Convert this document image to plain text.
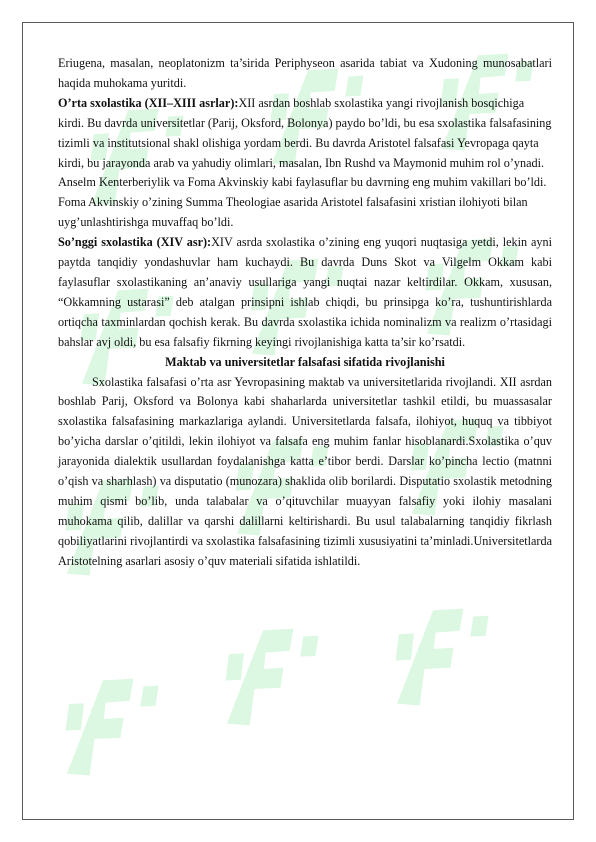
Eriugena, masalan, neoplatonizm ta’sirida Periphyseon asarida tabiat va Xudoning munosabatlari haqida muhokama yuritdi.

O’rta sxolastika (XII–XIII asrlar):XII asrdan boshlab sxolastika yangi rivojlanish bosqichiga kirdi. Bu davrda universitetlar (Parij, Oksford, Bolonya) paydo bo’ldi, bu esa sxolastika falsafasining tizimli va institutsional shakl olishiga yordam berdi. Bu davrda Aristotel falsafasi Yevropaga qayta kirdi, bu jarayonda arab va yahudiy olimlari, masalan, Ibn Rushd va Maymonid muhim rol o’ynadi. Anselm Kenterberiylik va Foma Akvinskiy kabi faylasuflar bu davrning eng muhim vakillari bo’ldi. Foma Akvinskiy o’zining Summa Theologiae asarida Aristotel falsafasini xristian ilohiyoti bilan uyg’unlashtirishga muvaffaq bo’ldi.

So’nggi sxolastika (XIV asr):XIV asrda sxolastika o’zining eng yuqori nuqtasiga yetdi, lekin ayni paytda tanqidiy yondashuvlar ham kuchaydi. Bu davrda Duns Skot va Vilgelm Okkam kabi faylasuflar sxolastikaning an’anaviy usullariga yangi nuqtai nazar keltirdilar. Okkam, xususan, “Okkamning ustarasi” deb atalgan prinsipni ishlab chiqdi, bu prinsipga ko’ra, tushuntirishlarda ortiqcha taxminlardan qochish kerak. Bu davrda sxolastika ichida nominalizm va realizm o’rtasidagi bahslar avj oldi, bu esa falsafiy fikrning keyingi rivojlanishiga katta ta’sir ko’rsatdi.

Maktab va universitetlar falsafasi sifatida rivojlanishi

Sxolastika falsafasi o’rta asr Yevropasining maktab va universitetlarida rivojlandi. XII asrdan boshlab Parij, Oksford va Bolonya kabi shaharlarda universitetlar tashkil etildi, bu muassasalar sxolastika falsafasining markazlariga aylandi. Universitetlarda falsafa, ilohiyot, huquq va tibbiyot bo’yicha darslar o’qitildi, lekin ilohiyot va falsafa eng muhim fanlar hisoblanardi.Sxolastika o’quv jarayonida dialektik usullardan foydalanishga katta e’tibor berdi. Darslar ko’pincha lectio (matnni o’qish va sharhlash) va disputatio (munozara) shaklida olib borilardi. Disputatio sxolastik metodning muhim qismi bo’lib, unda talabalar va o’qituvchilar muayyan falsafiy yoki ilohiy masalani muhokama qilib, dalillar va qarshi dalillarni keltirishardi. Bu usul talabalarning tanqidiy fikrlash qobiliyatlarini rivojlantirdi va sxolastika falsafasining tizimli xususiyatini ta’minladi.Universitetlarda Aristotelning asarlari asosiy o’quv materiali sifatida ishlatildi.
